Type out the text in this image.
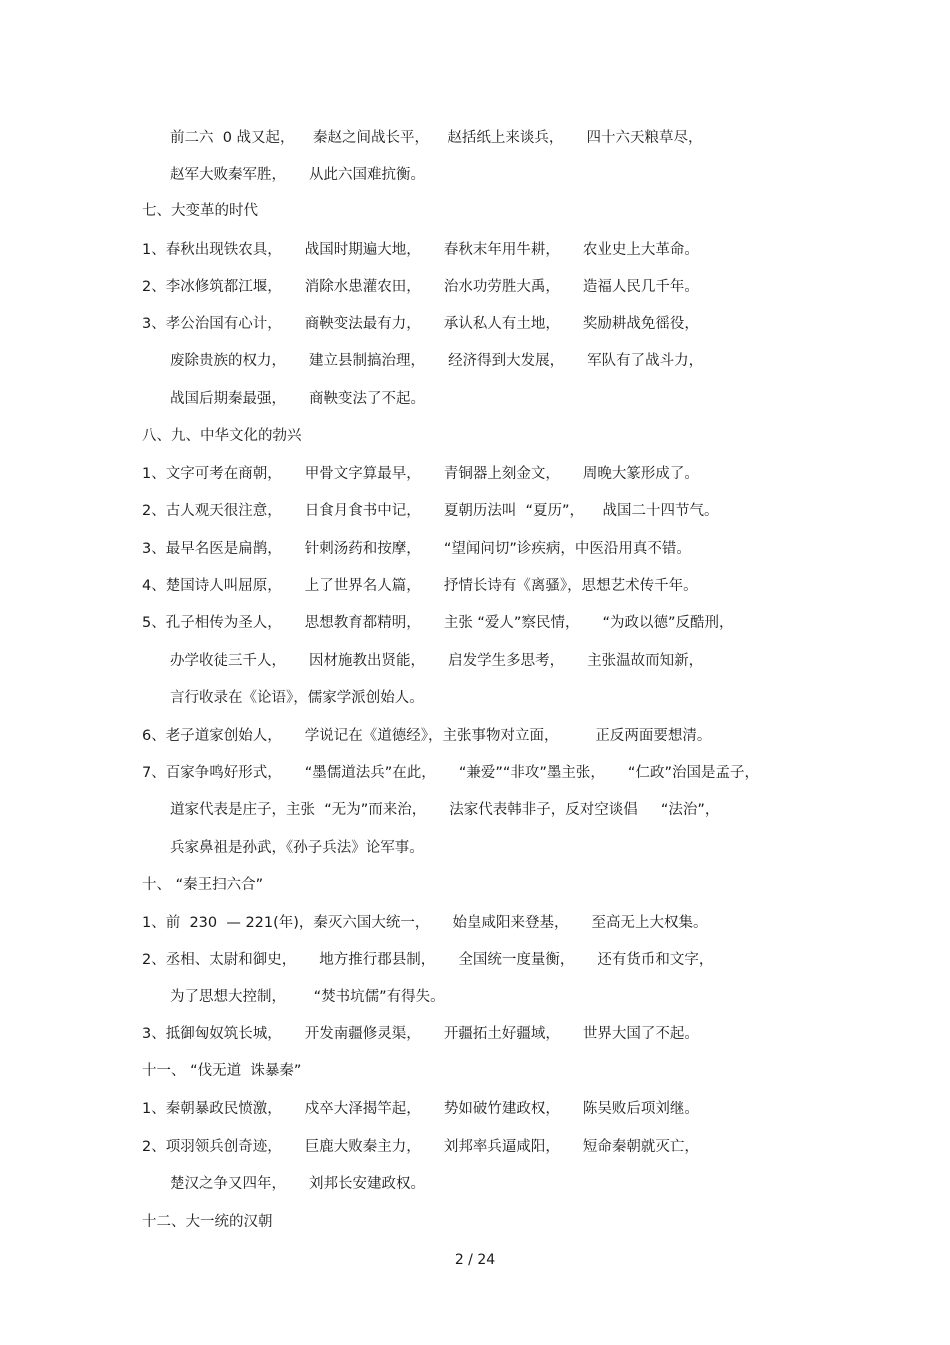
前二六  0 战又起，    秦赵之间战长平，    赵括纸上来谈兵，     四十六天粮草尽，
赵军大败秦军胜，     从此六国难抗衡。
七、大变革的时代
1、春秋出现铁农具，     战国时期遍大地，     春秋末年用牛耕，     农业史上大革命。
2、李冰修筑都江堰，     消除水患灌农田，     治水功劳胜大禹，     造福人民几千年。
3、孝公治国有心计，     商鞅变法最有力，     承认私人有土地，     奖励耕战免徭役，
废除贵族的权力，     建立县制搞治理，     经济得到大发展，     军队有了战斗力，
战国后期秦最强，     商鞅变法了不起。
八、九、中华文化的勃兴
1、文字可考在商朝，     甲骨文字算最早，     青铜器上刻金文，     周晚大篆形成了。
2、古人观天很注意，     日食月食书中记，     夏朝历法叫  “夏历”，    战国二十四节气。
3、最早名医是扁鹊，     针刺汤药和按摩，     “望闻问切”诊疾病，中医沿用真不错。
4、楚国诗人叫屈原，     上了世界名人篇，     抒情长诗有《离骚》，思想艺术传千年。
5、孔子相传为圣人，     思想教育都精明，     主张 “爱人”察民情，     “为政以德”反酷刑，
办学收徒三千人，     因材施教出贤能，     启发学生多思考，     主张温故而知新，
言行收录在《论语》，儒家学派创始人。
6、老子道家创始人，     学说记在《道德经》，主张事物对立面，        正反两面要想清。
7、百家争鸣好形式，     “墨儒道法兵”在此，     “兼爱”“非攻”墨主张，     “仁政”治国是孟子，
道家代表是庄子，主张  “无为”而来治，     法家代表韩非子，反对空谈倡     “法治”，
兵家鼻祖是孙武，《孙子兵法》论军事。
十、 “秦王扫六合”
1、前  230  — 221(年)，秦灭六国大统一，     始皇咸阳来登基，     至高无上大权集。
2、丞相、太尉和御史，     地方推行郡县制，     全国统一度量衡，     还有货币和文字，
为了思想大控制，      “焚书坑儒”有得失。
3、抵御匈奴筑长城，     开发南疆修灵渠，     开疆拓土好疆域，     世界大国了不起。
十一、 “伐无道  诛暴秦”
1、秦朝暴政民愤激，     戍卒大泽揭竿起，     势如破竹建政权，     陈吴败后项刘继。
2、项羽领兵创奇迹，     巨鹿大败秦主力，     刘邦率兵逼咸阳，     短命秦朝就灭亡，
楚汉之争又四年，     刘邦长安建政权。
十二、大一统的汉朝
2 / 24
